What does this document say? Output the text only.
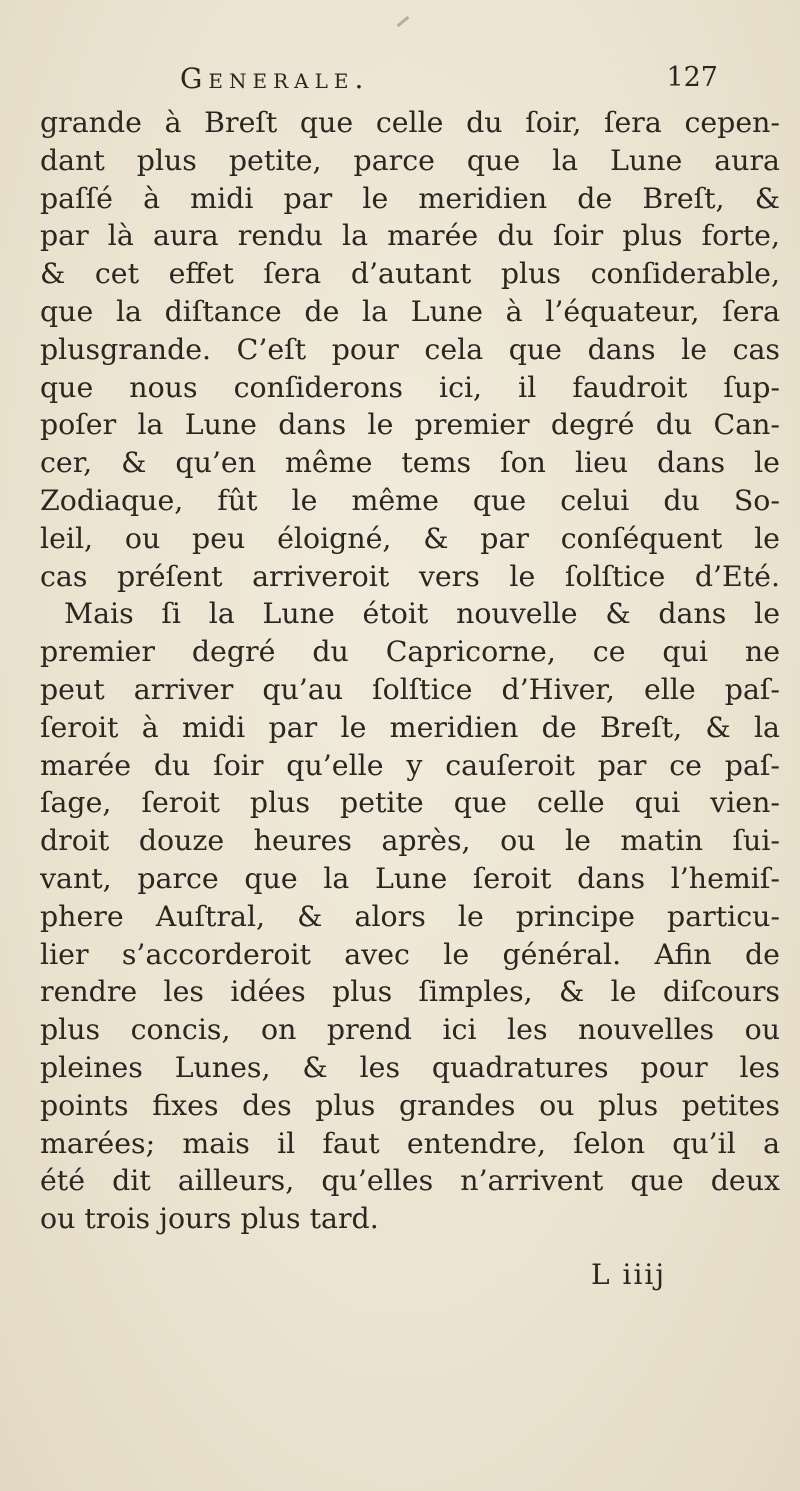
Generale.	127
grande à Breſt que celle du ſoir, ſera cepen-
dant plus petite, parce que la Lune aura
paſſé à midi par le meridien de Breſt, &
par là aura rendu la marée du ſoir plus forte,
& cet effet ſera d’autant plus conſiderable,
que la diſtance de la Lune à l’équateur, ſera
plusgrande. C’eſt pour cela que dans le cas
que nous conſiderons ici, il faudroit ſup-
poſer la Lune dans le premier degré du Can-
cer, & qu’en même tems ſon lieu dans le
Zodiaque, fût le même que celui du So-
leil, ou peu éloigné, & par conſéquent le
cas préſent arriveroit vers le ſolſtice d’Eté.
Mais ſi la Lune étoit nouvelle & dans le
premier degré du Capricorne, ce qui ne
peut arriver qu’au ſolſtice d’Hiver, elle paſ-
ſeroit à midi par le meridien de Breſt, & la
marée du ſoir qu’elle y cauſeroit par ce paſ-
ſage, ſeroit plus petite que celle qui vien-
droit douze heures après, ou le matin ſui-
vant, parce que la Lune ſeroit dans l’hemiſ-
phere Auſtral, & alors le principe particu-
lier s’accorderoit avec le général. Afin de
rendre les idées plus ſimples, & le diſcours
plus concis, on prend ici les nouvelles ou
pleines Lunes, & les quadratures pour les
points fixes des plus grandes ou plus petites
marées; mais il faut entendre, ſelon qu’il a
été dit ailleurs, qu’elles n’arrivent que deux
ou trois jours plus tard.
L iiij
